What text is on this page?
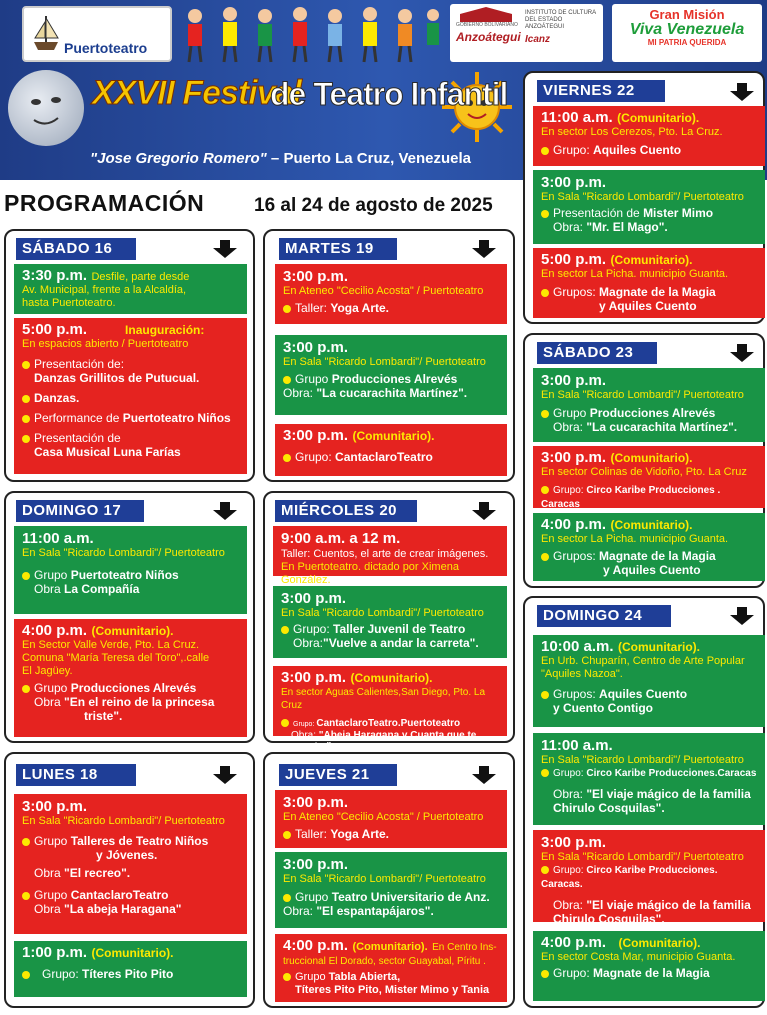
Puertoteatro
GOBIERNO BOLIVARIANO
Anzoátegui
INSTITUTO DE CULTURA DEL ESTADO ANZOÁTEGUI
Icanz
Gran Misión
Viva Venezuela
MI PATRIA QUERIDA
XXVII Festival
de Teatro Infantil
"Jose Gregorio Romero" – Puerto La Cruz, Venezuela
PROGRAMACIÓN	16 al 24 de agosto de 2025
SÁBADO 16
3:30 p.m. Desfile, parte desde
Av. Municipal, frente a la Alcaldía,
hasta Puertoteatro.
5:00 p.m.	Inauguración:
En espacios abierto / Puertoteatro
Presentación de:
Danzas Grillitos de Putucual.
Danzas.
Performance de Puertoteatro Niños
Presentación de
Casa Musical Luna Farías
MARTES 19
3:00 p.m.
En Ateneo "Cecilio Acosta" / Puertoteatro
Taller: Yoga Arte.
3:00 p.m.
En Sala "Ricardo Lombardi"/ Puertoteatro
Grupo Producciones Alrevés
Obra: "La cucarachita Martínez".
3:00 p.m. (Comunitario).
Grupo: CantaclaroTeatro
DOMINGO 17
11:00 a.m.
En Sala "Ricardo Lombardi"/ Puertoteatro
Grupo Puertoteatro Niños
Obra La Compañía
4:00 p.m. (Comunitario).
En Sector Valle Verde, Pto. La Cruz.
Comuna "María Teresa del Toro",.calle
El Jagüey.
Grupo Producciones Alrevés
Obra "En el reino de la princesa
triste".
MIÉRCOLES 20
9:00 a.m. a 12 m.
Taller: Cuentos, el arte de crear imágenes.
En Puertoteatro. dictado por Ximena González.
3:00 p.m.
En Sala "Ricardo Lombardi"/ Puertoteatro
Grupo: Taller Juvenil de Teatro
Obra:"Vuelve a andar la carreta".
3:00 p.m. (Comunitario).
En sector Aguas Calientes,San Diego, Pto. La Cruz
Grupo: CantaclaroTeatro.Puertoteatro
Obra: "Abeja Haragana y Cuanta que te cuento "
LUNES 18
3:00 p.m.
En Sala "Ricardo Lombardi"/ Puertoteatro
Grupo Talleres de Teatro Niños
y Jóvenes.
Obra "El recreo".
Grupo CantaclaroTeatro
Obra "La abeja Haragana"
1:00 p.m. (Comunitario).
Grupo: Títeres Pito Pito
JUEVES 21
3:00 p.m.
En Ateneo "Cecilio Acosta" / Puertoteatro
Taller: Yoga Arte.
3:00 p.m.
En Sala "Ricardo Lombardi"/ Puertoteatro
Grupo Teatro Universitario de Anz.
Obra: "El espantapájaros".
4:00 p.m. (Comunitario). En Centro Ins-
truccional El Dorado, sector Guayabal, Píritu .
Grupo Tabla Abierta,
Títeres Pito Pito, Mister Mimo y Tania
VIERNES 22
11:00 a.m. (Comunitario).
En sector Los Cerezos, Pto. La Cruz.
Grupo: Aquiles Cuento
3:00 p.m.
En Sala "Ricardo Lombardi"/ Puertoteatro
Presentación de Mister Mimo
Obra: "Mr. El Mago".
5:00 p.m. (Comunitario).
En sector La Picha. municipio Guanta.
Grupos: Magnate de la Magia
y Aquiles Cuento
SÁBADO 23
3:00 p.m.
En Sala "Ricardo Lombardi"/ Puertoteatro
Grupo Producciones Alrevés
Obra: "La cucarachita Martínez".
3:00 p.m. (Comunitario).
En sector Colinas de Vidoño, Pto. La Cruz
Grupo: Circo Karibe Producciones . Caracas
4:00 p.m. (Comunitario).
En sector La Picha. municipio Guanta.
Grupos: Magnate de la Magia
y Aquiles Cuento
DOMINGO 24
10:00 a.m. (Comunitario).
En Urb. Chuparín, Centro de Arte Popular
"Aquiles Nazoa".
Grupos: Aquiles Cuento
y Cuento Contigo
11:00 a.m.
En Sala "Ricardo Lombardi"/ Puertoteatro
Grupo: Circo Karibe Producciones.Caracas
Obra: "El viaje mágico de la familia
Chirulo Cosquilas".
3:00 p.m.
En Sala "Ricardo Lombardi"/ Puertoteatro
Grupo: Circo Karibe Producciones. Caracas.
Obra: "El viaje mágico de la familia
Chirulo Cosquilas".
4:00 p.m. (Comunitario).
En sector Costa Mar, municipio Guanta.
Grupo: Magnate de la Magia
